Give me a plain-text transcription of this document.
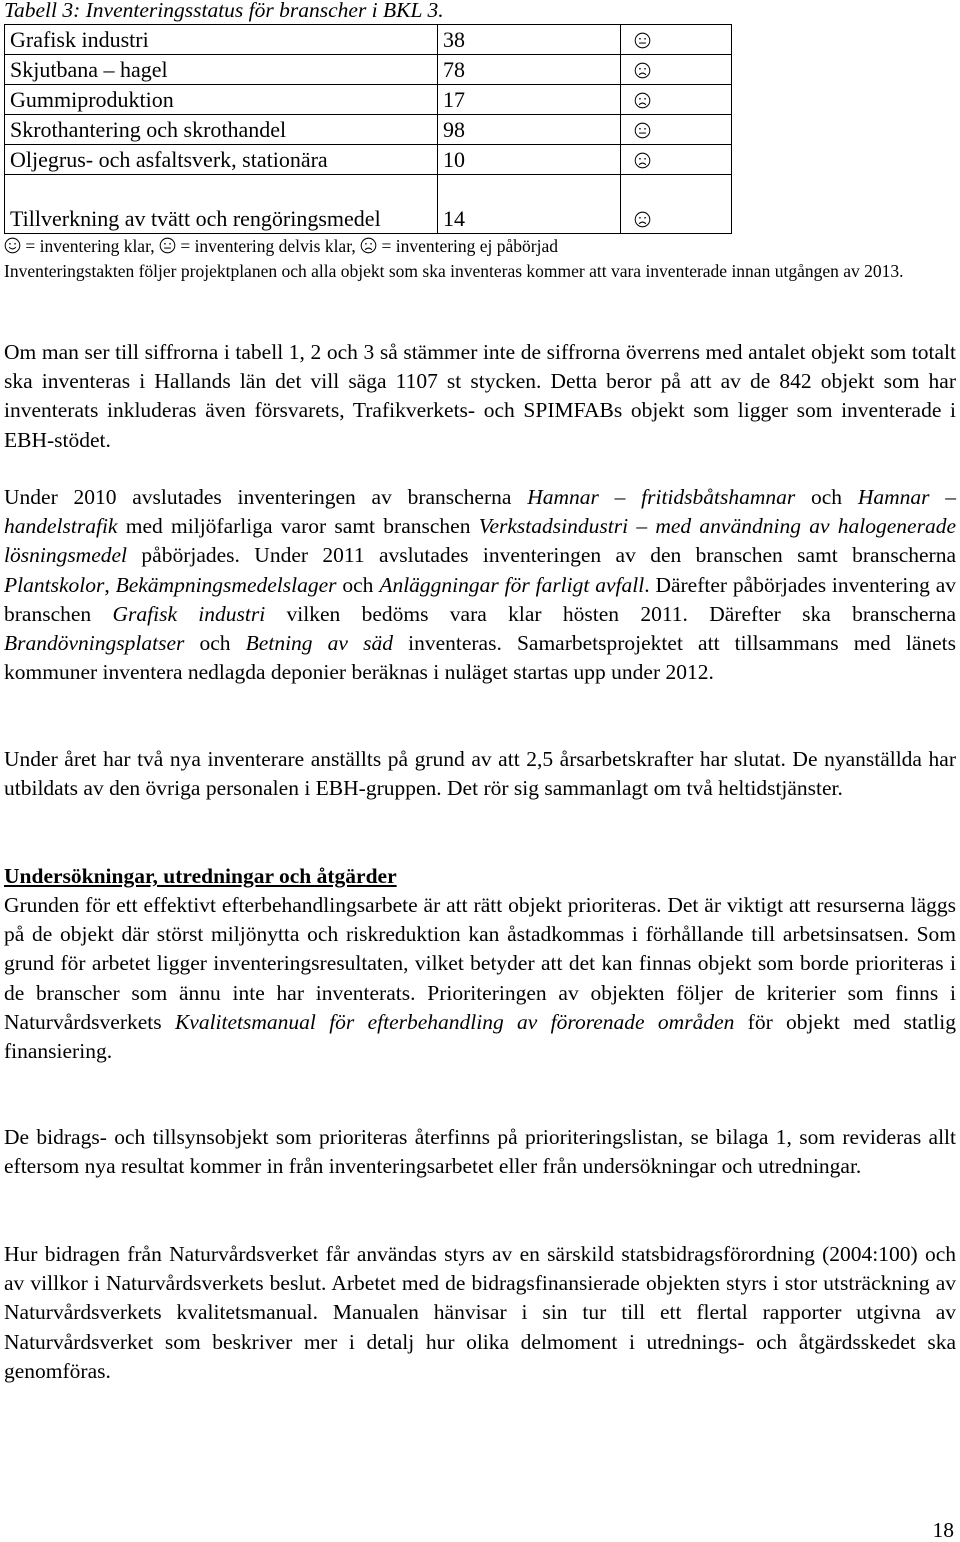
Tabell 3: Inventeringsstatus för branscher i BKL 3.

Grafisk industri	38	

Skjutbana – hagel	78	

Gummiproduktion	17	

Skrothantering och skrothandel	98	

Oljegrus- och asfaltsverk, stationära	10	

Tillverkning av tvätt och rengöringsmedel	14	

= inventering klar,  = inventering delvis klar,  = inventering ej påbörjad

Inventeringstakten följer projektplanen och alla objekt som ska inventeras kommer att vara inventerade innan utgången av 2013.

Om man ser till siffrorna i tabell 1, 2 och 3 så stämmer inte de siffrorna överrens med antalet objekt som totalt ska inventeras i Hallands län det vill säga 1107 st stycken. Detta beror på att av de 842 objekt som har inventerats inkluderas även försvarets, Trafikverkets- och SPIMFABs objekt som ligger som inventerade i EBH-stödet.

Under 2010 avslutades inventeringen av branscherna Hamnar – fritidsbåtshamnar och Hamnar – handelstrafik med miljöfarliga varor samt branschen Verkstadsindustri – med användning av halogenerade lösningsmedel påbörjades. Under 2011 avslutades inventeringen av den branschen samt branscherna Plantskolor, Bekämpningsmedelslager och Anläggningar för farligt avfall. Därefter påbörjades inventering av branschen Grafisk industri vilken bedöms vara klar hösten 2011. Därefter ska branscherna Brandövningsplatser och Betning av säd inventeras. Samarbetsprojektet att tillsammans med länets kommuner inventera nedlagda deponier beräknas i nuläget startas upp under 2012.

Under året har två nya inventerare anställts på grund av att 2,5 årsarbetskrafter har slutat. De nyanställda har utbildats av den övriga personalen i EBH-gruppen. Det rör sig sammanlagt om två heltidstjänster.

Undersökningar, utredningar och åtgärder

Grunden för ett effektivt efterbehandlingsarbete är att rätt objekt prioriteras. Det är viktigt att resurserna läggs på de objekt där störst miljönytta och riskreduktion kan åstadkommas i förhållande till arbetsinsatsen. Som grund för arbetet ligger inventeringsresultaten, vilket betyder att det kan finnas objekt som borde prioriteras i de branscher som ännu inte har inventerats. Prioriteringen av objekten följer de kriterier som finns i Naturvårdsverkets Kvalitetsmanual för efterbehandling av förorenade områden för objekt med statlig finansiering.

De bidrags- och tillsynsobjekt som prioriteras återfinns på prioriteringslistan, se bilaga 1, som revideras allt eftersom nya resultat kommer in från inventeringsarbetet eller från undersökningar och utredningar.

Hur bidragen från Naturvårdsverket får användas styrs av en särskild statsbidragsförordning (2004:100) och av villkor i Naturvårdsverkets beslut. Arbetet med de bidragsfinansierade objekten styrs i stor utsträckning av Naturvårdsverkets kvalitetsmanual. Manualen hänvisar i sin tur till ett flertal rapporter utgivna av Naturvårdsverket som beskriver mer i detalj hur olika delmoment i utrednings- och åtgärdsskedet ska genomföras.

18
